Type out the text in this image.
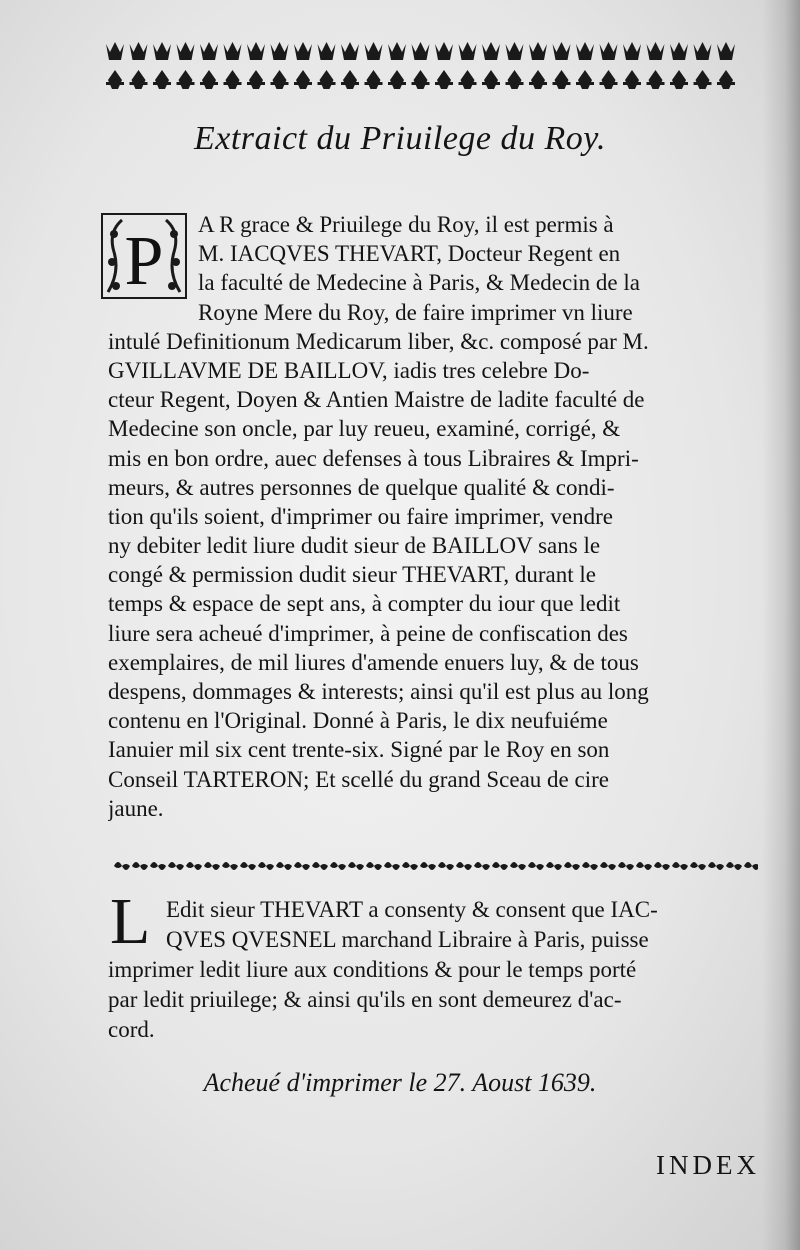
Extraict du Priuilege du Roy.
P	A R grace & Priuilege du Roy, il est permis à
M. IACQVES THEVART, Docteur Regent en
la faculté de Medecine à Paris, & Medecin de la
Royne Mere du Roy, de faire imprimer vn liure
intulé Definitionum Medicarum liber, &c. composé par M.
GVILLAVME DE BAILLOV, iadis tres celebre Do-
cteur Regent, Doyen & Antien Maistre de ladite faculté de
Medecine son oncle, par luy reueu, examiné, corrigé, &
mis en bon ordre, auec defenses à tous Libraires & Impri-
meurs, & autres personnes de quelque qualité & condi-
tion qu'ils soient, d'imprimer ou faire imprimer, vendre
ny debiter ledit liure dudit sieur de BAILLOV sans le
congé & permission dudit sieur THEVART, durant le
temps & espace de sept ans, à compter du iour que ledit
liure sera acheué d'imprimer, à peine de confiscation des
exemplaires, de mil liures d'amende enuers luy, & de tous
despens, dommages & interests; ainsi qu'il est plus au long
contenu en l'Original. Donné à Paris, le dix neufuiéme
Ianuier mil six cent trente-six. Signé par le Roy en son
Conseil TARTERON; Et scellé du grand Sceau de cire
jaune.
L Edit sieur THEVART a consenty & consent que IAC-
QVES QVESNEL marchand Libraire à Paris, puisse
imprimer ledit liure aux conditions & pour le temps porté
par ledit priuilege; & ainsi qu'ils en sont demeurez d'ac-
cord.
Acheué d'imprimer le 27. Aoust 1639.
INDEX
